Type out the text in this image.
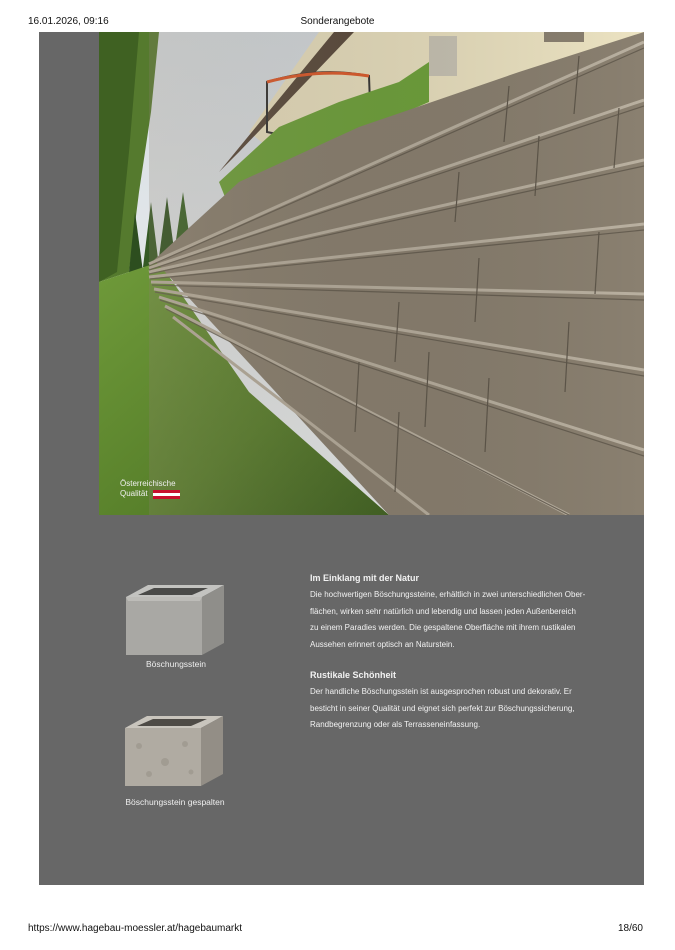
16.01.2026, 09:16	Sonderangebote
Österreichische
Qualität
Böschungsstein
Böschungsstein gespalten
Im Einklang mit der Natur

Die hochwertigen Böschungssteine, erhältlich in zwei unterschiedlichen Ober-

flächen, wirken sehr natürlich und lebendig und lassen jeden Außenbereich

zu einem Paradies werden. Die gespaltene Oberfläche mit ihrem rustikalen

Aussehen erinnert optisch an Naturstein.

Rustikale Schönheit

Der handliche Böschungsstein ist ausgesprochen robust und dekorativ. Er

besticht in seiner Qualität und eignet sich perfekt zur Böschungssicherung,

Randbegrenzung oder als Terrasseneinfassung.

https://www.hagebau-moessler.at/hagebaumarkt	18/60
